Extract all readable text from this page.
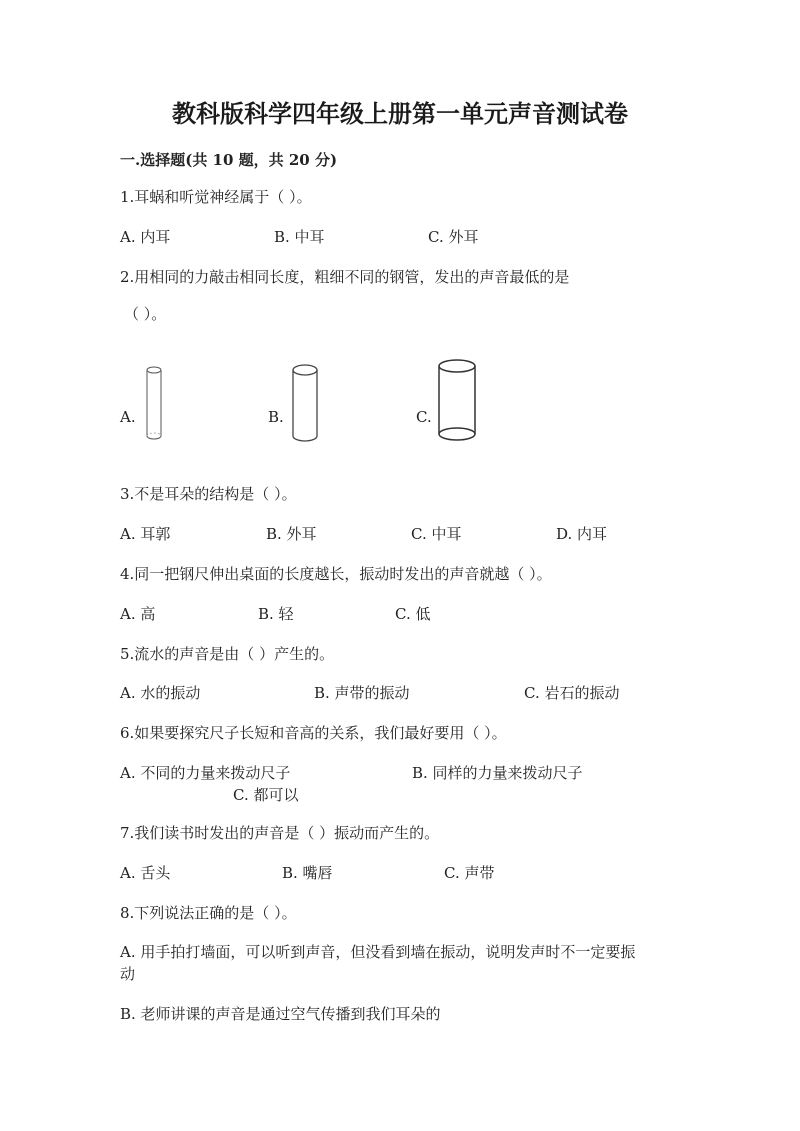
教科版科学四年级上册第一单元声音测试卷
一.选择题(共 10 题，共 20 分)
1.耳蜗和听觉神经属于（ ）。
A. 内耳	B. 中耳	C. 外耳
2.用相同的力敲击相同长度，粗细不同的钢管，发出的声音最低的是
（ ）。
A.	B.	C.
3.不是耳朵的结构是（ ）。
A. 耳郭	B. 外耳	C. 中耳	D. 内耳
4.同一把钢尺伸出桌面的长度越长，振动时发出的声音就越（ ）。
A. 高	B. 轻	C. 低
5.流水的声音是由（ ）产生的。
A. 水的振动	B. 声带的振动	C. 岩石的振动
6.如果要探究尺子长短和音高的关系，我们最好要用（ ）。
A. 不同的力量来拨动尺子	B. 同样的力量来拨动尺子
C. 都可以
7.我们读书时发出的声音是（ ）振动而产生的。
A. 舌头	B. 嘴唇	C. 声带
8.下列说法正确的是（ ）。
A. 用手拍打墙面，可以听到声音，但没看到墙在振动，说明发声时不一定要振
动
B. 老师讲课的声音是通过空气传播到我们耳朵的
